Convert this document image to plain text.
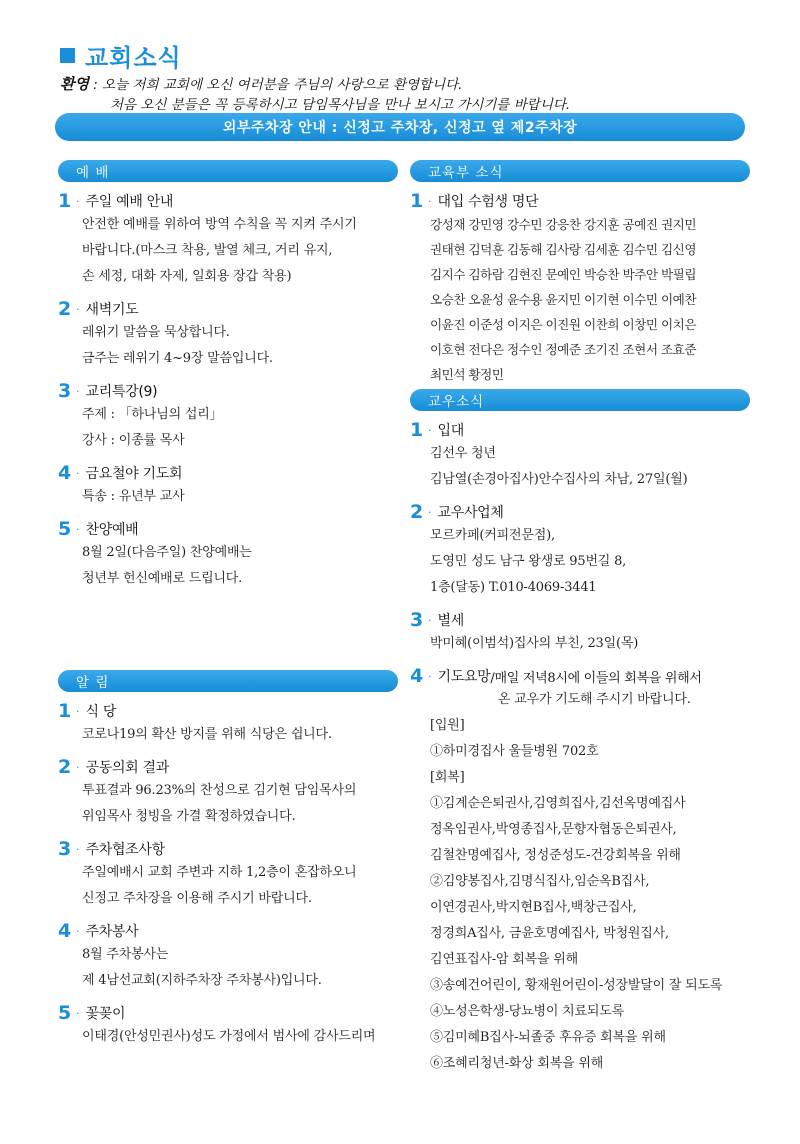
교회소식
환영 : 오늘 저희 교회에 오신 여러분을 주님의 사랑으로 환영합니다.
처음 오신 분들은 꼭 등록하시고 담임목사님을 만나 보시고 가시기를 바랍니다.
외부주차장 안내 : 신정고 주차장, 신정고 옆 제2주차장
예 배
1 · 주일 예배 안내
안전한 예배를 위하여 방역 수칙을 꼭 지켜 주시기
바랍니다.(마스크 착용, 발열 체크, 거리 유지,
손 세정, 대화 자제, 일회용 장갑 착용)
2 · 새벽기도
레위기 말씀을 묵상합니다.
금주는 레위기 4~9장 말씀입니다.
3 · 교리특강(9)
주제 : 「하나님의 섭리」
강사 : 이종률 목사
4 · 금요철야 기도회
특송 : 유년부 교사
5 · 찬양예배
8월 2일(다음주일) 찬양예배는
청년부 헌신예배로 드립니다.
알 림
1 · 식 당
코로나19의 확산 방지를 위해 식당은 쉽니다.
2 · 공동의회 결과
투표결과 96.23%의 찬성으로 김기현 담임목사의
위임목사 청빙을 가결 확정하였습니다.
3 · 주차협조사항
주일예배시 교회 주변과 지하 1,2층이 혼잡하오니
신정고 주차장을 이용해 주시기 바랍니다.
4 · 주차봉사
8월 주차봉사는
제 4남선교회(지하주차장 주차봉사)입니다.
5 · 꽃꽂이
이태경(안성민권사)성도 가정에서 범사에 감사드리며
교육부 소식
1 · 대입 수험생 명단
강성재 강민영 강수민 강응찬 강지훈 공예진 권지민
권태현 김덕훈 김동해 김사랑 김세훈 김수민 김신영
김지수 김하람 김현진 문예인 박승찬 박주안 박필립
오승찬 오윤성 윤수용 윤지민 이기현 이수민 이예찬
이윤진 이준성 이지은 이진원 이찬희 이창민 이치은
이호현 전다은 정수인 정예준 조기진 조현서 조효준
최민석 황정민
교우소식
1 · 입대
김선우 청년
김남열(손경아집사)안수집사의 차남, 27일(월)
2 · 교우사업체
모르카페(커피전문점),
도영민 성도 남구 왕생로 95번길 8,
1층(달동) T.010-4069-3441
3 · 별세
박미혜(이범석)집사의 부친, 23일(목)
4 · 기도요망 /매일 저녁8시에 이들의 회복을 위해서
온 교우가 기도해 주시기 바랍니다.
[입원]
①하미경집사 울들병원 702호
[회복]
①김계순은퇴권사,김영희집사,김선옥명예집사
정옥임권사,박영종집사,문향자협동은퇴권사,
김철찬명예집사, 정성준성도-건강회복을 위해
②김양봉집사,김명식집사,임순옥B집사,
이연경권사,박지현B집사,백창근집사,
정경희A집사, 금윤호명예집사, 박청원집사,
김연표집사-암 회복을 위해
③송예건어린이, 황재원어린이-성장발달이 잘 되도록
④노성은학생-당뇨병이 치료되도록
⑤김미혜B집사-뇌졸중 후유증 회복을 위해
⑥조혜리청년-화상 회복을 위해
